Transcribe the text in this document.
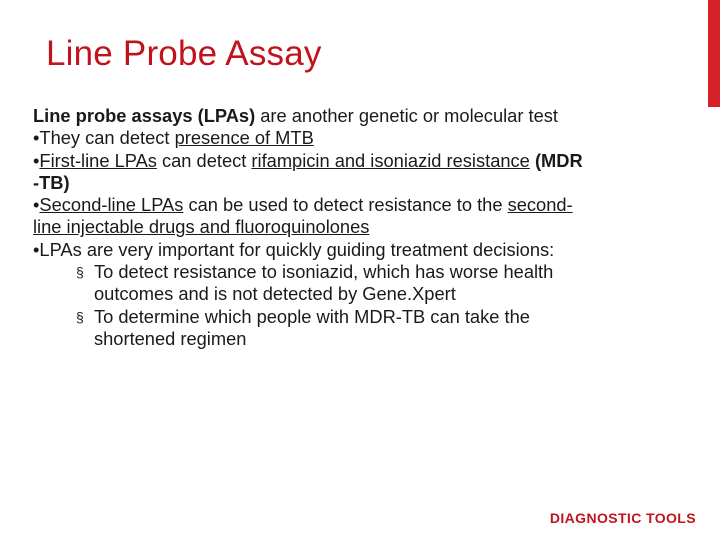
Line Probe Assay
Line probe assays (LPAs) are another genetic or molecular test
•They can detect presence of MTB
•First-line LPAs can detect rifampicin and isoniazid resistance (MDR
-TB)
•Second-line LPAs can be used to detect resistance to the second-
line injectable drugs and fluoroquinolones
•LPAs are very important for quickly guiding treatment decisions:
§ To detect resistance to isoniazid, which has worse health
outcomes and is not detected by Gene.Xpert
§ To determine which people with MDR-TB can take the
shortened regimen
DIAGNOSTIC TOOLS
